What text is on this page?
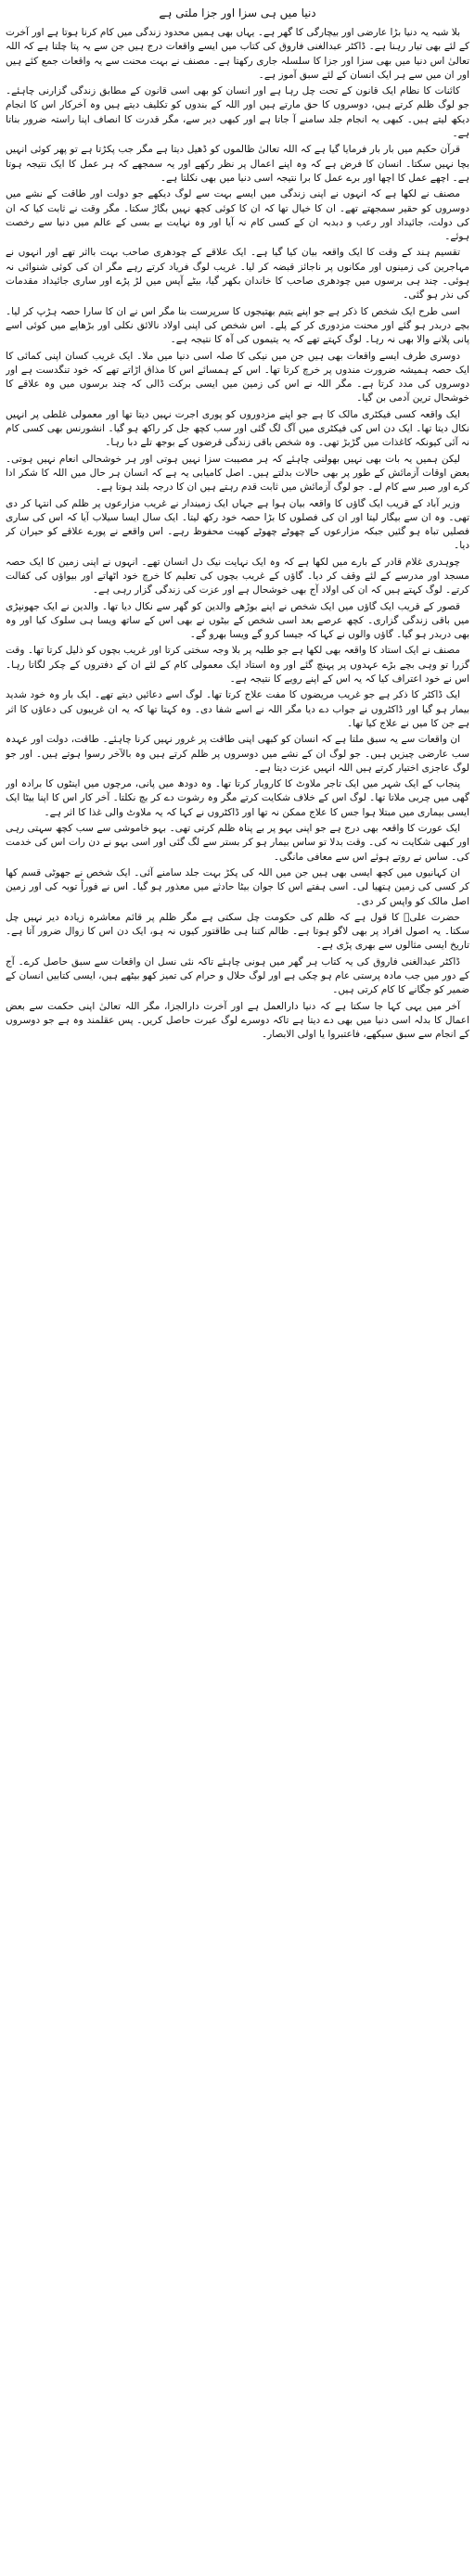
دنیا میں ہی سزا اور جزا ملتی ہے

بلا شبہ یہ دنیا بڑا عارضی اور بیچارگی کا گھر ہے۔ یہاں بھی ہمیں محدود زندگی میں کام کرنا ہوتا ہے اور آخرت کے لئے بھی تیار رہنا ہے۔ ڈاکٹر عبدالغنی فاروق کی کتاب میں ایسے واقعات درج ہیں جن سے یہ پتا چلتا ہے کہ اللہ تعالیٰ اس دنیا میں بھی سزا اور جزا کا سلسلہ جاری رکھتا ہے۔ مصنف نے بہت محنت سے یہ واقعات جمع کئے ہیں اور ان میں سے ہر ایک انسان کے لئے سبق آموز ہے۔

کائنات کا نظام ایک قانون کے تحت چل رہا ہے اور انسان کو بھی اسی قانون کے مطابق زندگی گزارنی چاہئے۔ جو لوگ ظلم کرتے ہیں، دوسروں کا حق مارتے ہیں اور اللہ کے بندوں کو تکلیف دیتے ہیں وہ آخرکار اس کا انجام دیکھ لیتے ہیں۔ کبھی یہ انجام جلد سامنے آ جاتا ہے اور کبھی دیر سے، مگر قدرت کا انصاف اپنا راستہ ضرور بناتا ہے۔

قرآن حکیم میں بار بار فرمایا گیا ہے کہ اللہ تعالیٰ ظالموں کو ڈھیل دیتا ہے مگر جب پکڑتا ہے تو پھر کوئی انہیں بچا نہیں سکتا۔ انسان کا فرض ہے کہ وہ اپنے اعمال پر نظر رکھے اور یہ سمجھے کہ ہر عمل کا ایک نتیجہ ہوتا ہے۔ اچھے عمل کا اچھا اور برے عمل کا برا نتیجہ اسی دنیا میں بھی نکلتا ہے۔

مصنف نے لکھا ہے کہ انہوں نے اپنی زندگی میں ایسے بہت سے لوگ دیکھے جو دولت اور طاقت کے نشے میں دوسروں کو حقیر سمجھتے تھے۔ ان کا خیال تھا کہ ان کا کوئی کچھ نہیں بگاڑ سکتا۔ مگر وقت نے ثابت کیا کہ ان کی دولت، جائیداد اور رعب و دبدبہ ان کے کسی کام نہ آیا اور وہ نہایت بے بسی کے عالم میں دنیا سے رخصت ہوئے۔

تقسیم ہند کے وقت کا ایک واقعہ بیان کیا گیا ہے۔ ایک علاقے کے چودھری صاحب بہت بااثر تھے اور انہوں نے مہاجرین کی زمینوں اور مکانوں پر ناجائز قبضہ کر لیا۔ غریب لوگ فریاد کرتے رہے مگر ان کی کوئی شنوائی نہ ہوئی۔ چند ہی برسوں میں چودھری صاحب کا خاندان بکھر گیا، بیٹے آپس میں لڑ پڑے اور ساری جائیداد مقدمات کی نذر ہو گئی۔

اسی طرح ایک شخص کا ذکر ہے جو اپنے یتیم بھتیجوں کا سرپرست بنا مگر اس نے ان کا سارا حصہ ہڑپ کر لیا۔ بچے دربدر ہو گئے اور محنت مزدوری کر کے پلے۔ اس شخص کی اپنی اولاد نالائق نکلی اور بڑھاپے میں کوئی اسے پانی پلانے والا بھی نہ رہا۔ لوگ کہتے تھے کہ یہ یتیموں کی آہ کا نتیجہ ہے۔

دوسری طرف ایسے واقعات بھی ہیں جن میں نیکی کا صلہ اسی دنیا میں ملا۔ ایک غریب کسان اپنی کمائی کا ایک حصہ ہمیشہ ضرورت مندوں پر خرچ کرتا تھا۔ اس کے ہمسائے اس کا مذاق اڑاتے تھے کہ خود تنگدست ہے اور دوسروں کی مدد کرتا ہے۔ مگر اللہ نے اس کی زمین میں ایسی برکت ڈالی کہ چند برسوں میں وہ علاقے کا خوشحال ترین آدمی بن گیا۔

ایک واقعہ کسی فیکٹری مالک کا ہے جو اپنے مزدوروں کو پوری اجرت نہیں دیتا تھا اور معمولی غلطی پر انہیں نکال دیتا تھا۔ ایک دن اس کی فیکٹری میں آگ لگ گئی اور سب کچھ جل کر راکھ ہو گیا۔ انشورنس بھی کسی کام نہ آئی کیونکہ کاغذات میں گڑبڑ تھی۔ وہ شخص باقی زندگی قرضوں کے بوجھ تلے دبا رہا۔

لیکن ہمیں یہ بات بھی نہیں بھولنی چاہئے کہ ہر مصیبت سزا نہیں ہوتی اور ہر خوشحالی انعام نہیں ہوتی۔ بعض اوقات آزمائش کے طور پر بھی حالات بدلتے ہیں۔ اصل کامیابی یہ ہے کہ انسان ہر حال میں اللہ کا شکر ادا کرے اور صبر سے کام لے۔ جو لوگ آزمائش میں ثابت قدم رہتے ہیں ان کا درجہ بلند ہوتا ہے۔

وزیر آباد کے قریب ایک گاؤں کا واقعہ بیان ہوا ہے جہاں ایک زمیندار نے غریب مزارعوں پر ظلم کی انتہا کر دی تھی۔ وہ ان سے بیگار لیتا اور ان کی فصلوں کا بڑا حصہ خود رکھ لیتا۔ ایک سال ایسا سیلاب آیا کہ اس کی ساری فصلیں تباہ ہو گئیں جبکہ مزارعوں کے چھوٹے چھوٹے کھیت محفوظ رہے۔ اس واقعے نے پورے علاقے کو حیران کر دیا۔

چوہدری غلام قادر کے بارے میں لکھا ہے کہ وہ ایک نہایت نیک دل انسان تھے۔ انہوں نے اپنی زمین کا ایک حصہ مسجد اور مدرسے کے لئے وقف کر دیا۔ گاؤں کے غریب بچوں کی تعلیم کا خرچ خود اٹھاتے اور بیواؤں کی کفالت کرتے۔ لوگ کہتے ہیں کہ ان کی اولاد آج بھی خوشحال ہے اور عزت کی زندگی گزار رہی ہے۔

قصور کے قریب ایک گاؤں میں ایک شخص نے اپنے بوڑھے والدین کو گھر سے نکال دیا تھا۔ والدین نے ایک جھونپڑی میں باقی زندگی گزاری۔ کچھ عرصے بعد اسی شخص کے بیٹوں نے بھی اس کے ساتھ ویسا ہی سلوک کیا اور وہ بھی دربدر ہو گیا۔ گاؤں والوں نے کہا کہ جیسا کرو گے ویسا بھرو گے۔

مصنف نے ایک استاد کا واقعہ بھی لکھا ہے جو طلبہ پر بلا وجہ سختی کرتا اور غریب بچوں کو ذلیل کرتا تھا۔ وقت گزرا تو وہی بچے بڑے عہدوں پر پہنچ گئے اور وہ استاد ایک معمولی کام کے لئے ان کے دفتروں کے چکر لگاتا رہا۔ اس نے خود اعتراف کیا کہ یہ اس کے اپنے رویے کا نتیجہ ہے۔

ایک ڈاکٹر کا ذکر ہے جو غریب مریضوں کا مفت علاج کرتا تھا۔ لوگ اسے دعائیں دیتے تھے۔ ایک بار وہ خود شدید بیمار ہو گیا اور ڈاکٹروں نے جواب دے دیا مگر اللہ نے اسے شفا دی۔ وہ کہتا تھا کہ یہ ان غریبوں کی دعاؤں کا اثر ہے جن کا میں نے علاج کیا تھا۔

ان واقعات سے یہ سبق ملتا ہے کہ انسان کو کبھی اپنی طاقت پر غرور نہیں کرنا چاہئے۔ طاقت، دولت اور عہدہ سب عارضی چیزیں ہیں۔ جو لوگ ان کے نشے میں دوسروں پر ظلم کرتے ہیں وہ بالآخر رسوا ہوتے ہیں۔ اور جو لوگ عاجزی اختیار کرتے ہیں اللہ انہیں عزت دیتا ہے۔

پنجاب کے ایک شہر میں ایک تاجر ملاوٹ کا کاروبار کرتا تھا۔ وہ دودھ میں پانی، مرچوں میں اینٹوں کا برادہ اور گھی میں چربی ملاتا تھا۔ لوگ اس کے خلاف شکایت کرتے مگر وہ رشوت دے کر بچ نکلتا۔ آخر کار اس کا اپنا بیٹا ایک ایسی بیماری میں مبتلا ہوا جس کا علاج ممکن نہ تھا اور ڈاکٹروں نے کہا کہ یہ ملاوٹ والی غذا کا اثر ہے۔

ایک عورت کا واقعہ بھی درج ہے جو اپنی بہو پر بے پناہ ظلم کرتی تھی۔ بہو خاموشی سے سب کچھ سہتی رہی اور کبھی شکایت نہ کی۔ وقت بدلا تو ساس بیمار ہو کر بستر سے لگ گئی اور اسی بہو نے دن رات اس کی خدمت کی۔ ساس نے روتے ہوئے اس سے معافی مانگی۔

ان کہانیوں میں کچھ ایسی بھی ہیں جن میں اللہ کی پکڑ بہت جلد سامنے آئی۔ ایک شخص نے جھوٹی قسم کھا کر کسی کی زمین ہتھیا لی۔ اسی ہفتے اس کا جوان بیٹا حادثے میں معذور ہو گیا۔ اس نے فوراً توبہ کی اور زمین اصل مالک کو واپس کر دی۔

حضرت علیؓ کا قول ہے کہ ظلم کی حکومت چل سکتی ہے مگر ظلم پر قائم معاشرہ زیادہ دیر نہیں چل سکتا۔ یہ اصول افراد پر بھی لاگو ہوتا ہے۔ ظالم کتنا ہی طاقتور کیوں نہ ہو، ایک دن اس کا زوال ضرور آتا ہے۔ تاریخ ایسی مثالوں سے بھری پڑی ہے۔

ڈاکٹر عبدالغنی فاروق کی یہ کتاب ہر گھر میں ہونی چاہئے تاکہ نئی نسل ان واقعات سے سبق حاصل کرے۔ آج کے دور میں جب مادہ پرستی عام ہو چکی ہے اور لوگ حلال و حرام کی تمیز کھو بیٹھے ہیں، ایسی کتابیں انسان کے ضمیر کو جگانے کا کام کرتی ہیں۔

آخر میں یہی کہا جا سکتا ہے کہ دنیا دارالعمل ہے اور آخرت دارالجزا، مگر اللہ تعالیٰ اپنی حکمت سے بعض اعمال کا بدلہ اسی دنیا میں بھی دے دیتا ہے تاکہ دوسرے لوگ عبرت حاصل کریں۔ پس عقلمند وہ ہے جو دوسروں کے انجام سے سبق سیکھے، فاعتبروا یا اولی الابصار۔
